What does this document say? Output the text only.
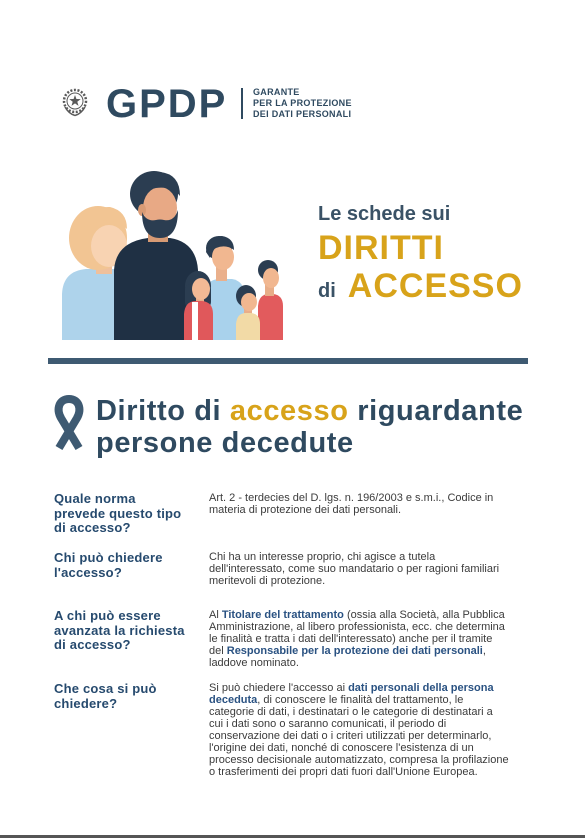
GPDP	GARANTE
PER LA PROTEZIONE
DEI DATI PERSONALI
Le schede sui
DIRITTI
di ACCESSO
Diritto di accesso riguardante
persone decedute
Quale norma
prevede questo tipo
di accesso?
Art. 2 - terdecies del D. lgs. n. 196/2003 e s.m.i., Codice in
materia di protezione dei dati personali.
Chi può chiedere
l'accesso?
Chi ha un interesse proprio, chi agisce a tutela
dell'interessato, come suo mandatario o per ragioni familiari
meritevoli di protezione.
A chi può essere
avanzata la richiesta
di accesso?
Al Titolare del trattamento (ossia alla Società, alla Pubblica
Amministrazione, al libero professionista, ecc. che determina
le finalità e tratta i dati dell'interessato) anche per il tramite
del Responsabile per la protezione dei dati personali,
laddove nominato.
Che cosa si può
chiedere?
Si può chiedere l'accesso ai dati personali della persona
deceduta, di conoscere le finalità del trattamento, le
categorie di dati, i destinatari o le categorie di destinatari a
cui i dati sono o saranno comunicati, il periodo di
conservazione dei dati o i criteri utilizzati per determinarlo,
l'origine dei dati, nonché di conoscere l'esistenza di un
processo decisionale automatizzato, compresa la profilazione
o trasferimenti dei propri dati fuori dall'Unione Europea.
